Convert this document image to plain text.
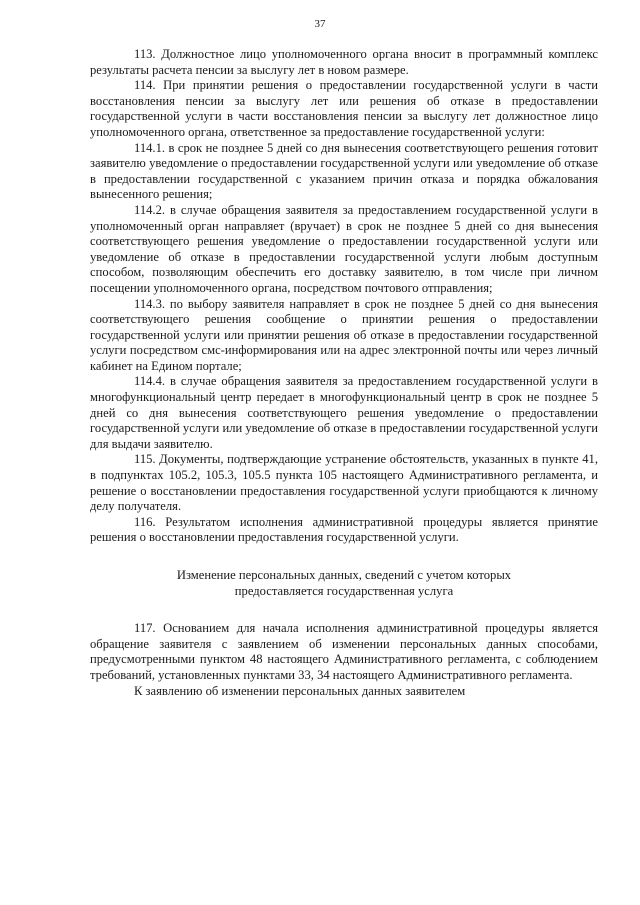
37

113. Должностное лицо уполномоченного органа вносит в программный комплекс результаты расчета пенсии за выслугу лет в новом размере.

114. При принятии решения о предоставлении государственной услуги в части восстановления пенсии за выслугу лет или решения об отказе в предоставлении государственной услуги в части восстановления пенсии за выслугу лет должностное лицо уполномоченного органа, ответственное за предоставление государственной услуги:

114.1. в срок не позднее 5 дней со дня вынесения соответствующего решения готовит заявителю уведомление о предоставлении государственной услуги или уведомление об отказе в предоставлении государственной с указанием причин отказа и порядка обжалования вынесенного решения;

114.2. в случае обращения заявителя за предоставлением государственной услуги в уполномоченный орган направляет (вручает) в срок не позднее 5 дней со дня вынесения соответствующего решения уведомление о предоставлении государственной услуги или уведомление об отказе в предоставлении государственной услуги любым доступным способом, позволяющим обеспечить его доставку заявителю, в том числе при личном посещении уполномоченного органа, посредством почтового отправления;

114.3. по выбору заявителя направляет в срок не позднее 5 дней со дня вынесения соответствующего решения сообщение о принятии решения о предоставлении государственной услуги или принятии решения об отказе в предоставлении государственной услуги посредством смс-информирования или на адрес электронной почты или через личный кабинет на Едином портале;

114.4. в случае обращения заявителя за предоставлением государственной услуги в многофункциональный центр передает в многофункциональный центр в срок не позднее 5 дней со дня вынесения соответствующего решения уведомление о предоставлении государственной услуги или уведомление об отказе в предоставлении государственной услуги для выдачи заявителю.

115. Документы, подтверждающие устранение обстоятельств, указанных в пункте 41, в подпунктах 105.2, 105.3, 105.5 пункта 105 настоящего Административного регламента, и решение о восстановлении предоставления государственной услуги приобщаются к личному делу получателя.

116. Результатом исполнения административной процедуры является принятие решения о восстановлении предоставления государственной услуги.

Изменение персональных данных, сведений с учетом которых
предоставляется государственная услуга

117. Основанием для начала исполнения административной процедуры является обращение заявителя с заявлением об изменении персональных данных способами, предусмотренными пунктом 48 настоящего Административного регламента, с соблюдением требований, установленных пунктами 33, 34 настоящего Административного регламента.

К заявлению об изменении персональных данных заявителем
